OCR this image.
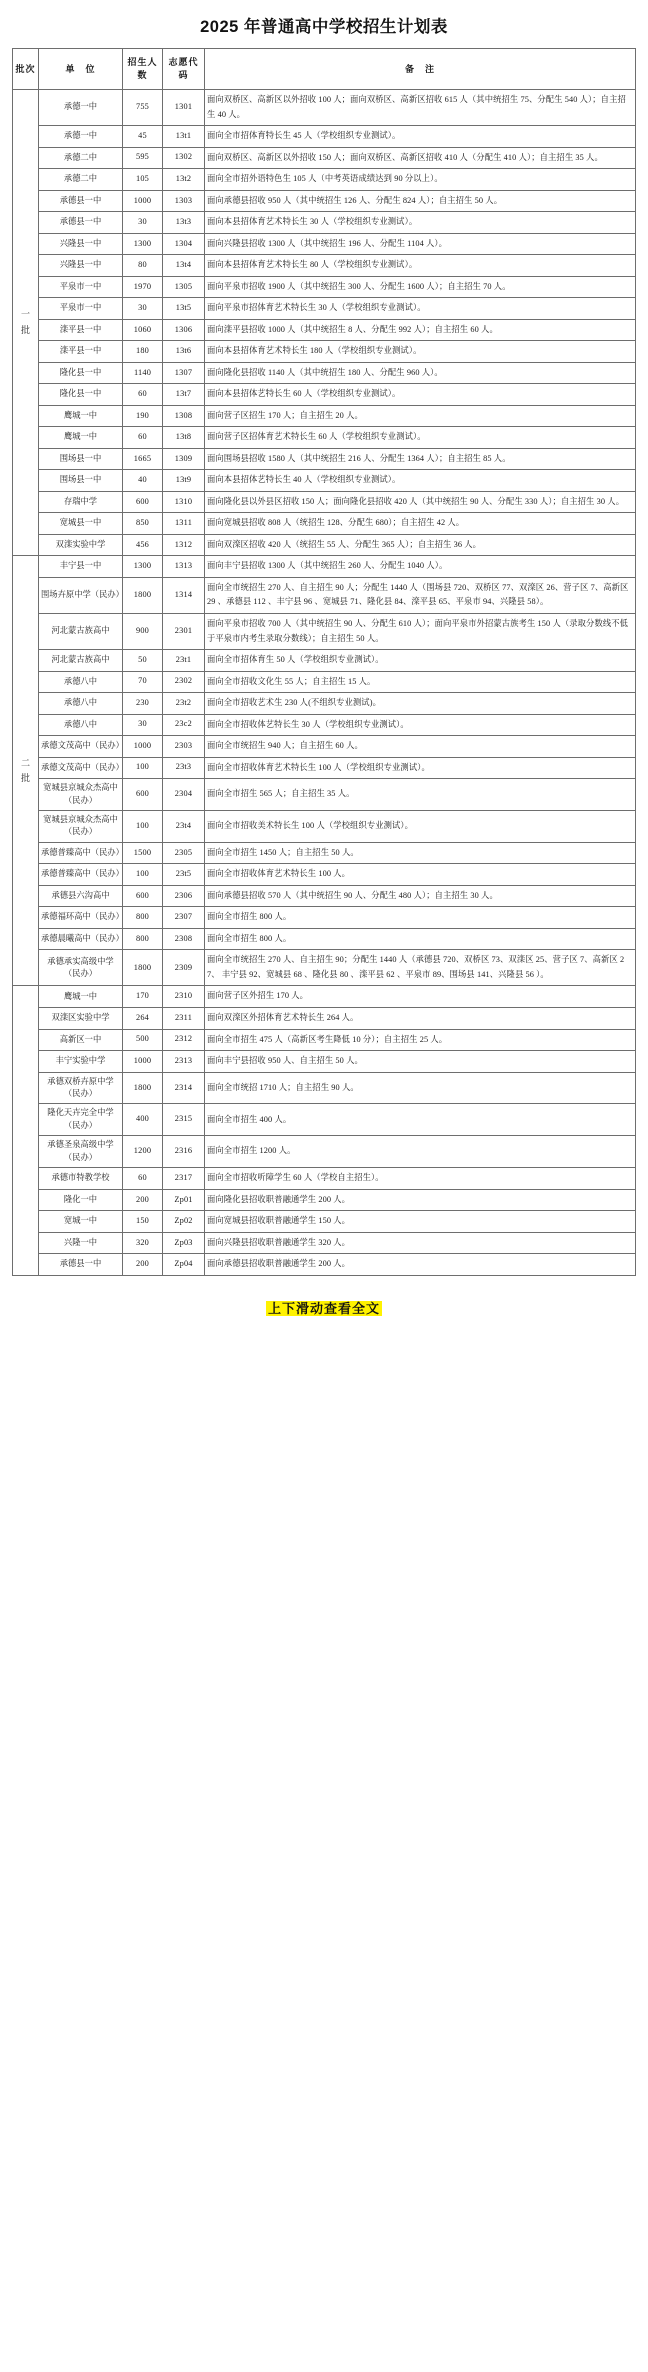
2025 年普通高中学校招生计划表
批次	单　位	招生人数	志愿代码	备　注

一
批	承德一中	755	1301	面向双桥区、高新区以外招收 100 人；面向双桥区、高新区招收 615 人（其中统招生 75、分配生 540 人）；自主招生 40 人。
	承德一中	45	13t1	面向全市招体育特长生 45 人（学校组织专业测试）。
	承德二中	595	1302	面向双桥区、高新区以外招收 150 人；面向双桥区、高新区招收 410 人（分配生 410 人）；自主招生 35 人。
	承德二中	105	13t2	面向全市招外语特色生 105 人（中考英语成绩达到 90 分以上）。
	承德县一中	1000	1303	面向承德县招收 950 人（其中统招生 126 人、分配生 824 人）；自主招生 50 人。
	承德县一中	30	13t3	面向本县招体育艺术特长生 30 人（学校组织专业测试）。
	兴隆县一中	1300	1304	面向兴隆县招收 1300 人（其中统招生 196 人、分配生 1104 人）。
	兴隆县一中	80	13t4	面向本县招体育艺术特长生 80 人（学校组织专业测试）。
	平泉市一中	1970	1305	面向平泉市招收 1900 人（其中统招生 300 人、分配生 1600 人）；自主招生 70 人。
	平泉市一中	30	13t5	面向平泉市招体育艺术特长生 30 人（学校组织专业测试）。
	滦平县一中	1060	1306	面向滦平县招收 1000 人（其中统招生 8 人、分配生 992 人）；自主招生 60 人。
	滦平县一中	180	13t6	面向本县招体育艺术特长生 180 人（学校组织专业测试）。
	隆化县一中	1140	1307	面向隆化县招收 1140 人（其中统招生 180 人、分配生 960 人）。
	隆化县一中	60	13t7	面向本县招体艺特长生 60 人（学校组织专业测试）。
	鹰城一中	190	1308	面向营子区招生 170 人；自主招生 20 人。
	鹰城一中	60	13t8	面向营子区招体育艺术特长生 60 人（学校组织专业测试）。
	围场县一中	1665	1309	面向围场县招收 1580 人（其中统招生 216 人、分配生 1364 人）；自主招生 85 人。
	围场县一中	40	13t9	面向本县招体艺特长生 40 人（学校组织专业测试）。
	存瑞中学	600	1310	面向隆化县以外县区招收 150 人；面向隆化县招收 420 人（其中统招生 90 人、分配生 330 人）；自主招生 30 人。
	宽城县一中	850	1311	面向宽城县招收 808 人（统招生 128、分配生 680）；自主招生 42 人。
	双滦实验中学	456	1312	面向双滦区招收 420 人（统招生 55 人、分配生 365 人）；自主招生 36 人。

二
批	丰宁县一中	1300	1313	面向丰宁县招收 1300 人（其中统招生 260 人、分配生 1040 人）。
	围场卉原中学（民办）	1800	1314	面向全市统招生 270 人、自主招生 90 人；分配生 1440 人（围场县 720、双桥区 77、双滦区 26、营子区 7、高新区 29 、承德县 112 、丰宁县 96 、宽城县 71、隆化县 84、滦平县 65、平泉市 94、兴隆县 58）。
	河北蒙古族高中	900	2301	面向平泉市招收 700 人（其中统招生 90 人、分配生 610 人）；面向平泉市外招蒙古族考生 150 人（录取分数线不低于平泉市内考生录取分数线）；自主招生 50 人。
	河北蒙古族高中	50	23t1	面向全市招体育生 50 人（学校组织专业测试）。
	承德八中	70	2302	面向全市招收文化生 55 人；自主招生 15 人。
	承德八中	230	23t2	面向全市招收艺术生 230 人(不组织专业测试)。
	承德八中	30	23c2	面向全市招收体艺特长生 30 人（学校组织专业测试）。
	承德文茂高中（民办）	1000	2303	面向全市统招生 940 人；自主招生 60 人。
	承德文茂高中（民办）	100	23t3	面向全市招收体育艺术特长生 100 人（学校组织专业测试）。
	宽城县京城众杰高中（民办）	600	2304	面向全市招生 565 人；自主招生 35 人。
	宽城县京城众杰高中（民办）	100	23t4	面向全市招收美术特长生 100 人（学校组织专业测试）。
	承德普臻高中（民办）	1500	2305	面向全市招生 1450 人；自主招生 50 人。
	承德普臻高中（民办）	100	23t5	面向全市招收体育艺术特长生 100 人。
	承德县六沟高中	600	2306	面向承德县招收 570 人（其中统招生 90 人、分配生 480 人）；自主招生 30 人。
	承德福环高中（民办）	800	2307	面向全市招生 800 人。
	承德晨曦高中（民办）	800	2308	面向全市招生 800 人。
	承德承实高级中学（民办）	1800	2309	面向全市统招生 270 人、自主招生 90；分配生 1440 人（承德县 720、双桥区 73、双滦区 25、营子区 7、高新区 27、 丰宁县 92、宽城县 68 、隆化县 80 、滦平县 62 、平泉市 89、围场县 141、兴隆县 56 ）。
	鹰城一中	170	2310	面向营子区外招生 170 人。
	双滦区实验中学	264	2311	面向双滦区外招体育艺术特长生 264 人。
	高新区一中	500	2312	面向全市招生 475 人（高新区考生降低 10 分）；自主招生 25 人。
	丰宁实验中学	1000	2313	面向丰宁县招收 950 人、自主招生 50 人。
	承德双桥卉原中学（民办）	1800	2314	面向全市统招 1710 人；自主招生 90 人。
	隆化天卉完全中学（民办）	400	2315	面向全市招生 400 人。
	承德圣泉高级中学（民办）	1200	2316	面向全市招生 1200 人。
	承德市特教学校	60	2317	面向全市招收听障学生 60 人（学校自主招生）。
	隆化一中	200	Zp01	面向隆化县招收职普融通学生 200 人。
	宽城一中	150	Zp02	面向宽城县招收职普融通学生 150 人。
	兴隆一中	320	Zp03	面向兴隆县招收职普融通学生 320 人。
	承德县一中	200	Zp04	面向承德县招收职普融通学生 200 人。
上下滑动查看全文
